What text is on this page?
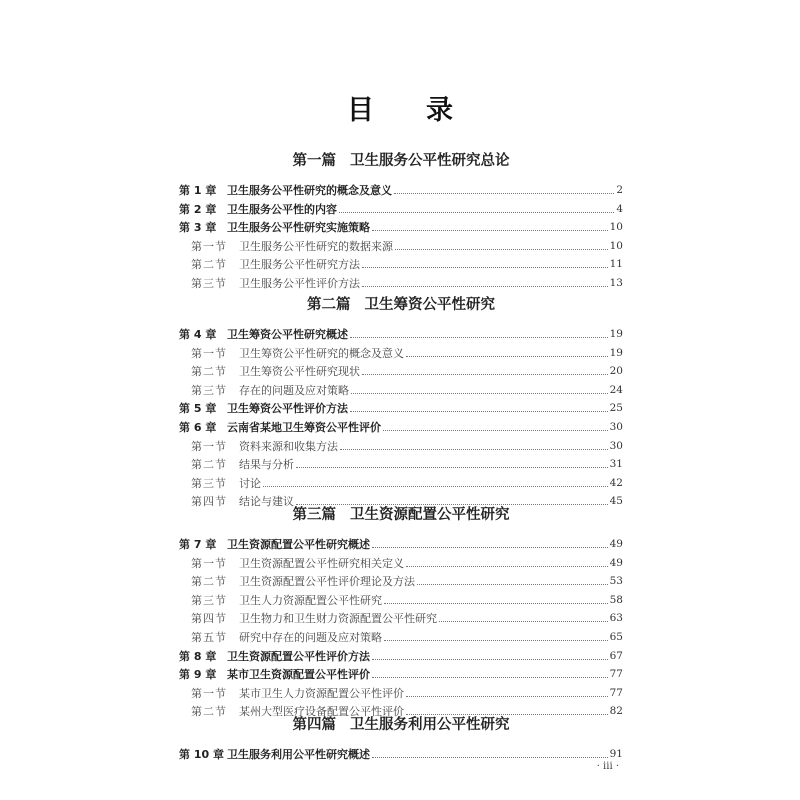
目 录
第一篇 卫生服务公平性研究总论
第 1 章 卫生服务公平性研究的概念及意义	2
第 2 章 卫生服务公平性的内容	4
第 3 章 卫生服务公平性研究实施策略	10
第一节	卫生服务公平性研究的数据来源	10
第二节	卫生服务公平性研究方法	11
第三节	卫生服务公平性评价方法	13
第二篇 卫生筹资公平性研究
第 4 章 卫生筹资公平性研究概述	19
第一节	卫生筹资公平性研究的概念及意义	19
第二节	卫生筹资公平性研究现状	20
第三节	存在的问题及应对策略	24
第 5 章 卫生筹资公平性评价方法	25
第 6 章 云南省某地卫生筹资公平性评价	30
第一节	资料来源和收集方法	30
第二节	结果与分析	31
第三节	讨论	42
第四节	结论与建议	45
第三篇 卫生资源配置公平性研究
第 7 章 卫生资源配置公平性研究概述	49
第一节	卫生资源配置公平性研究相关定义	49
第二节	卫生资源配置公平性评价理论及方法	53
第三节	卫生人力资源配置公平性研究	58
第四节	卫生物力和卫生财力资源配置公平性研究	63
第五节	研究中存在的问题及应对策略	65
第 8 章 卫生资源配置公平性评价方法	67
第 9 章 某市卫生资源配置公平性评价	77
第一节	某市卫生人力资源配置公平性评价	77
第二节	某州大型医疗设备配置公平性评价	82
第四篇 卫生服务利用公平性研究
第 10 章 卫生服务利用公平性研究概述	91
· iii ·
